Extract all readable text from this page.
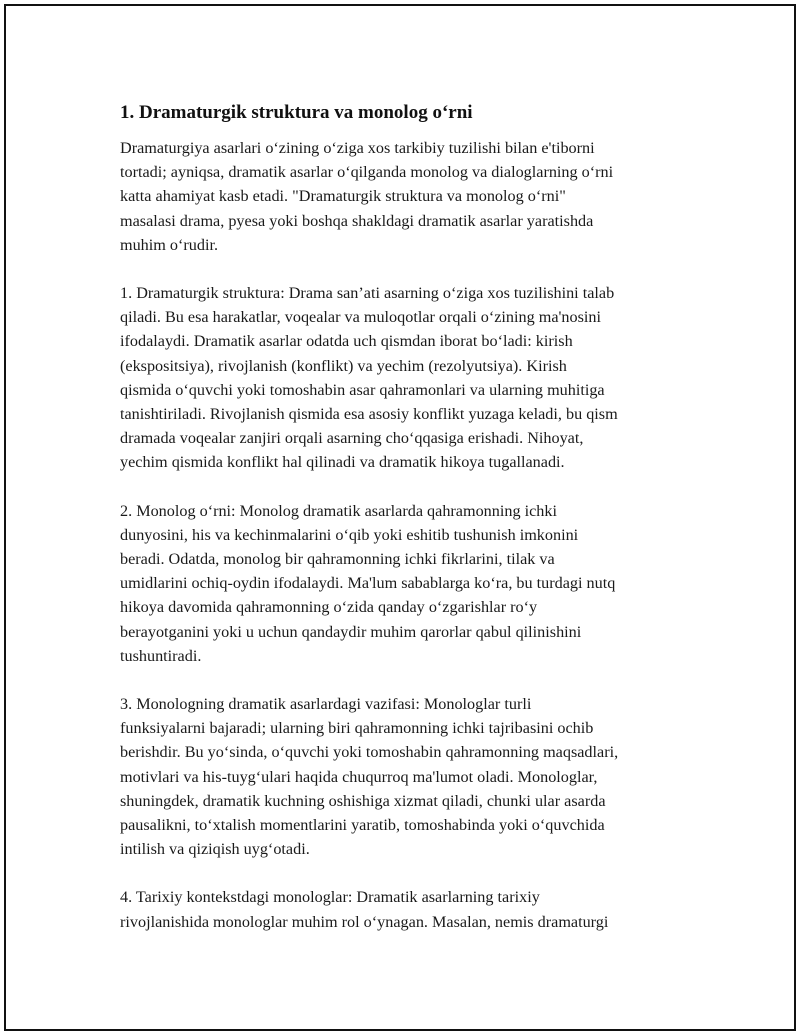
1. Dramaturgik struktura va monolog o‘rni

Dramaturgiya asarlari o‘zining o‘ziga xos tarkibiy tuzilishi bilan e'tiborni
tortadi; ayniqsa, dramatik asarlar o‘qilganda monolog va dialoglarning o‘rni
katta ahamiyat kasb etadi. "Dramaturgik struktura va monolog o‘rni"
masalasi drama, pyesa yoki boshqa shakldagi dramatik asarlar yaratishda
muhim o‘rudir.

1. Dramaturgik struktura: Drama san’ati asarning o‘ziga xos tuzilishini talab
qiladi. Bu esa harakatlar, voqealar va muloqotlar orqali o‘zining ma'nosini
ifodalaydi. Dramatik asarlar odatda uch qismdan iborat bo‘ladi: kirish
(ekspositsiya), rivojlanish (konflikt) va yechim (rezolyutsiya). Kirish
qismida o‘quvchi yoki tomoshabin asar qahramonlari va ularning muhitiga
tanishtiriladi. Rivojlanish qismida esa asosiy konflikt yuzaga keladi, bu qism
dramada voqealar zanjiri orqali asarning cho‘qqasiga erishadi. Nihoyat,
yechim qismida konflikt hal qilinadi va dramatik hikoya tugallanadi.

2. Monolog o‘rni: Monolog dramatik asarlarda qahramonning ichki
dunyosini, his va kechinmalarini o‘qib yoki eshitib tushunish imkonini
beradi. Odatda, monolog bir qahramonning ichki fikrlarini, tilak va
umidlarini ochiq-oydin ifodalaydi. Ma'lum sabablarga ko‘ra, bu turdagi nutq
hikoya davomida qahramonning o‘zida qanday o‘zgarishlar ro‘y
berayotganini yoki u uchun qandaydir muhim qarorlar qabul qilinishini
tushuntiradi.

3. Monologning dramatik asarlardagi vazifasi: Monologlar turli
funksiyalarni bajaradi; ularning biri qahramonning ichki tajribasini ochib
berishdir. Bu yo‘sinda, o‘quvchi yoki tomoshabin qahramonning maqsadlari,
motivlari va his-tuyg‘ulari haqida chuqurroq ma'lumot oladi. Monologlar,
shuningdek, dramatik kuchning oshishiga xizmat qiladi, chunki ular asarda
pausalikni, to‘xtalish momentlarini yaratib, tomoshabinda yoki o‘quvchida
intilish va qiziqish uyg‘otadi.

4. Tarixiy kontekstdagi monologlar: Dramatik asarlarning tarixiy
rivojlanishida monologlar muhim rol o‘ynagan. Masalan, nemis dramaturgi
